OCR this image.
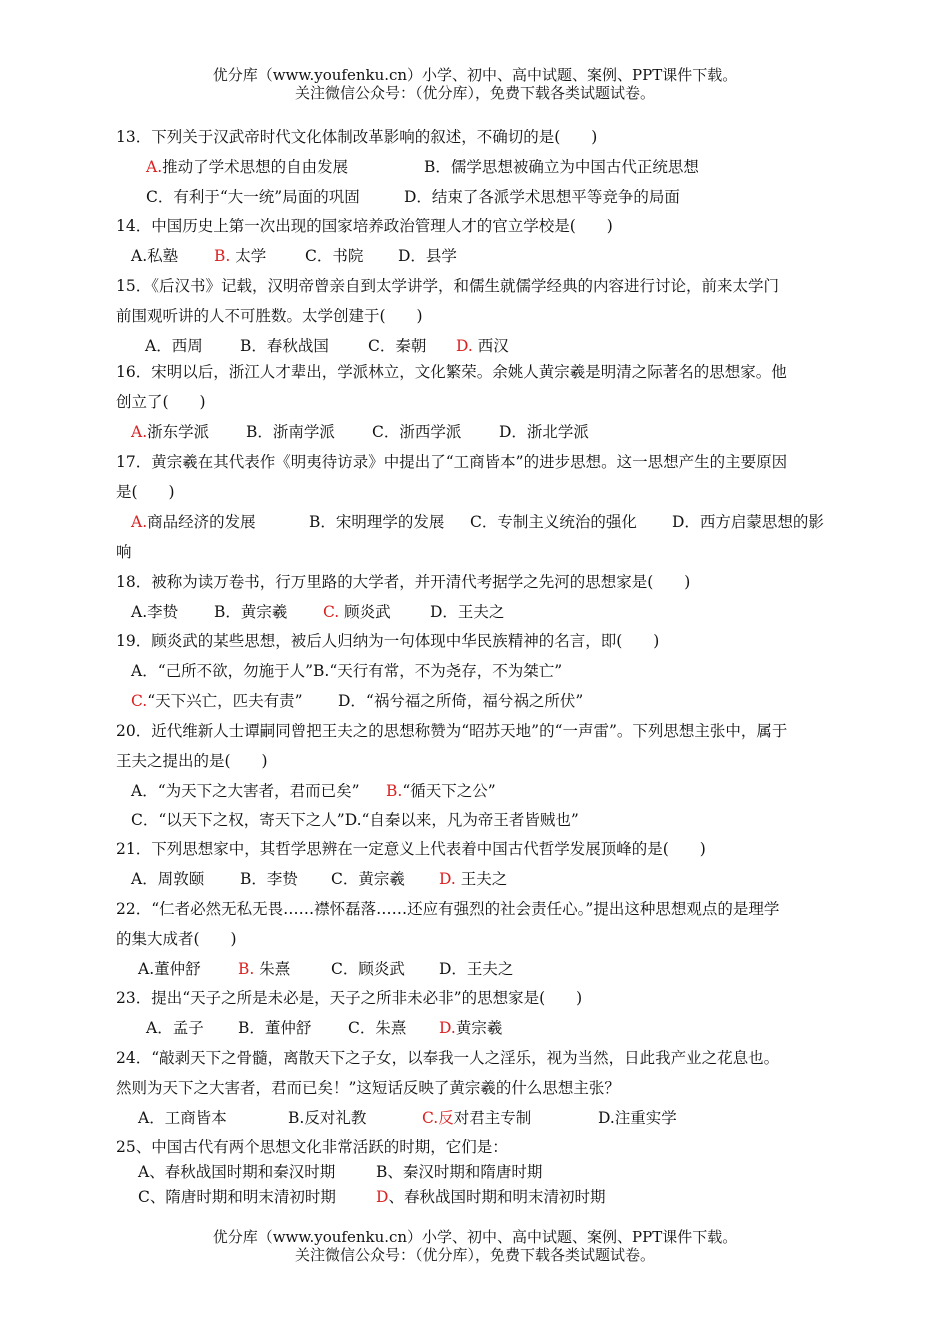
优分库（www.youfenku.cn）小学、初中、高中试题、案例、PPT课件下载。
关注微信公众号：（优分库），免费下载各类试题试卷。
13．下列关于汉武帝时代文化体制改革影响的叙述，不确切的是(　　)
A.推动了学术思想的自由发展	B．儒学思想被确立为中国古代正统思想
C．有利于“大一统”局面的巩固	D．结束了各派学术思想平等竞争的局面
14．中国历史上第一次出现的国家培养政治管理人才的官立学校是(　　)
A.私塾 B. 太学 C．书院 D．县学
15．《后汉书》记载，汉明帝曾亲自到太学讲学，和儒生就儒学经典的内容进行讨论，前来太学门
前围观听讲的人不可胜数。太学创建于(　　)
A．西周 B．春秋战国	C．秦朝 D. 西汉
16．宋明以后，浙江人才辈出，学派林立，文化繁荣。余姚人黄宗羲是明清之际著名的思想家。他
创立了(　　)
A.浙东学派 B．浙南学派 C．浙西学派 D．浙北学派
17．黄宗羲在其代表作《明夷待访录》中提出了“工商皆本”的进步思想。这一思想产生的主要原因
是(　　)
A.商品经济的发展	B．宋明理学的发展 C．专制主义统治的强化 D．西方启蒙思想的影
响
18．被称为读万卷书，行万里路的大学者，并开清代考据学之先河的思想家是(　　)
A.李贽 B．黄宗羲 C. 顾炎武	D．王夫之
19．顾炎武的某些思想，被后人归纳为一句体现中华民族精神的名言，即(　　)
A．“己所不欲，勿施于人”B.“天行有常，不为尧存，不为桀亡”
C.“天下兴亡，匹夫有责” D．“祸兮福之所倚，福兮祸之所伏”
20．近代维新人士谭嗣同曾把王夫之的思想称赞为“昭苏天地”的“一声雷”。下列思想主张中，属于
王夫之提出的是(　　)
A．“为天下之大害者，君而已矣” B.“循天下之公”
C．“以天下之权，寄天下之人”D.“自秦以来，凡为帝王者皆贼也”
21．下列思想家中，其哲学思辨在一定意义上代表着中国古代哲学发展顶峰的是(　　)
A．周敦颐 B．李贽 C．黄宗羲 D. 王夫之
22．“仁者必然无私无畏……襟怀磊落……还应有强烈的社会责任心。”提出这种思想观点的是理学
的集大成者(　　)
A.董仲舒 B. 朱熹	C．顾炎武 D．王夫之
23．提出“天子之所是未必是，天子之所非未必非”的思想家是(　　)
A．孟子 B．董仲舒 C．朱熹 D.黄宗羲
24．“敲剥天下之骨髓，离散天下之子女，以奉我一人之淫乐，视为当然，日此我产业之花息也。
然则为天下之大害者，君而已矣！”这短话反映了黄宗羲的什么思想主张？
A．工商皆本	B.反对礼教	C.反对君主专制	D.注重实学
25、中国古代有两个思想文化非常活跃的时期，它们是：
A、春秋战国时期和秦汉时期	B、秦汉时期和隋唐时期
C、隋唐时期和明末清初时期	D、春秋战国时期和明末清初时期
优分库（www.youfenku.cn）小学、初中、高中试题、案例、PPT课件下载。
关注微信公众号：（优分库），免费下载各类试题试卷。
